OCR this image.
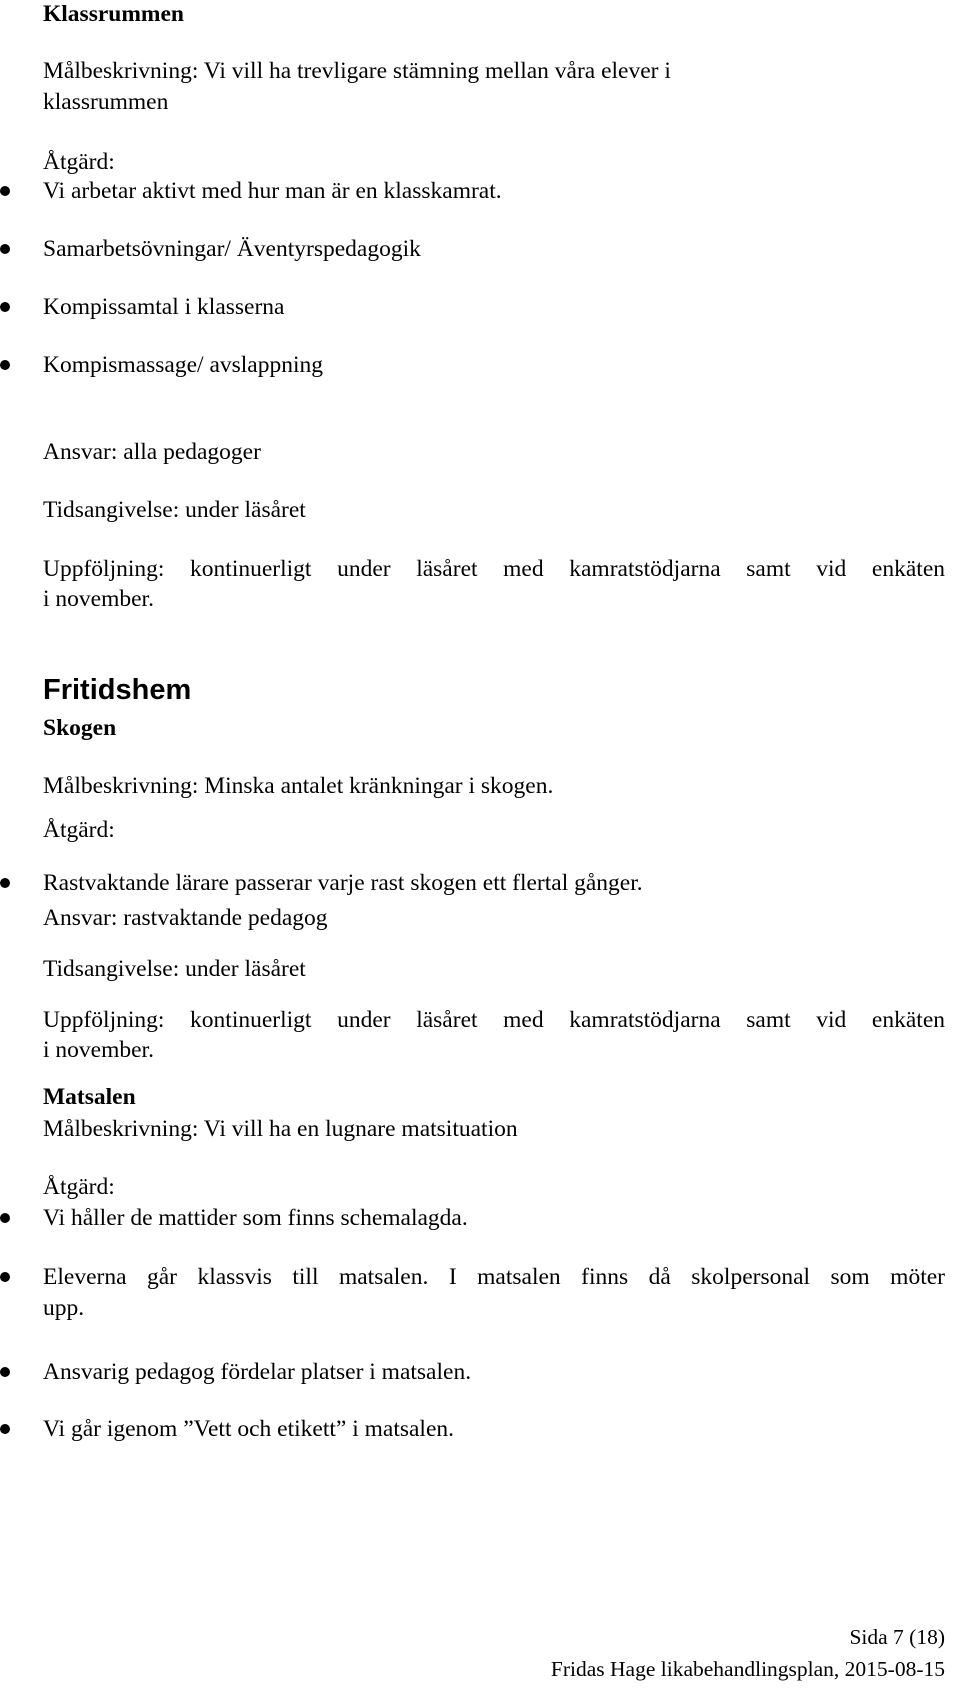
Klassrummen
Målbeskrivning: Vi vill ha trevligare stämning mellan våra elever i
klassrummen
Åtgärd:
Vi arbetar aktivt med hur man är en klasskamrat.
Samarbetsövningar/ Äventyrspedagogik
Kompissamtal i klasserna
Kompismassage/ avslappning
Ansvar: alla pedagoger
Tidsangivelse: under läsåret
Uppföljning: kontinuerligt under läsåret med kamratstödjarna samt vid enkäten
i november.
Fritidshem
Skogen
Målbeskrivning: Minska antalet kränkningar i skogen.
Åtgärd:
Rastvaktande lärare passerar varje rast skogen ett flertal gånger.
Ansvar: rastvaktande pedagog
Tidsangivelse: under läsåret
Uppföljning: kontinuerligt under läsåret med kamratstödjarna samt vid enkäten
i november.
Matsalen
Målbeskrivning: Vi vill ha en lugnare matsituation
Åtgärd:
Vi håller de mattider som finns schemalagda.
Eleverna går klassvis till matsalen. I matsalen finns då skolpersonal som möter
upp.
Ansvarig pedagog fördelar platser i matsalen.
Vi går igenom ”Vett och etikett” i matsalen.
Sida 7 (18)
Fridas Hage likabehandlingsplan, 2015-08-15
